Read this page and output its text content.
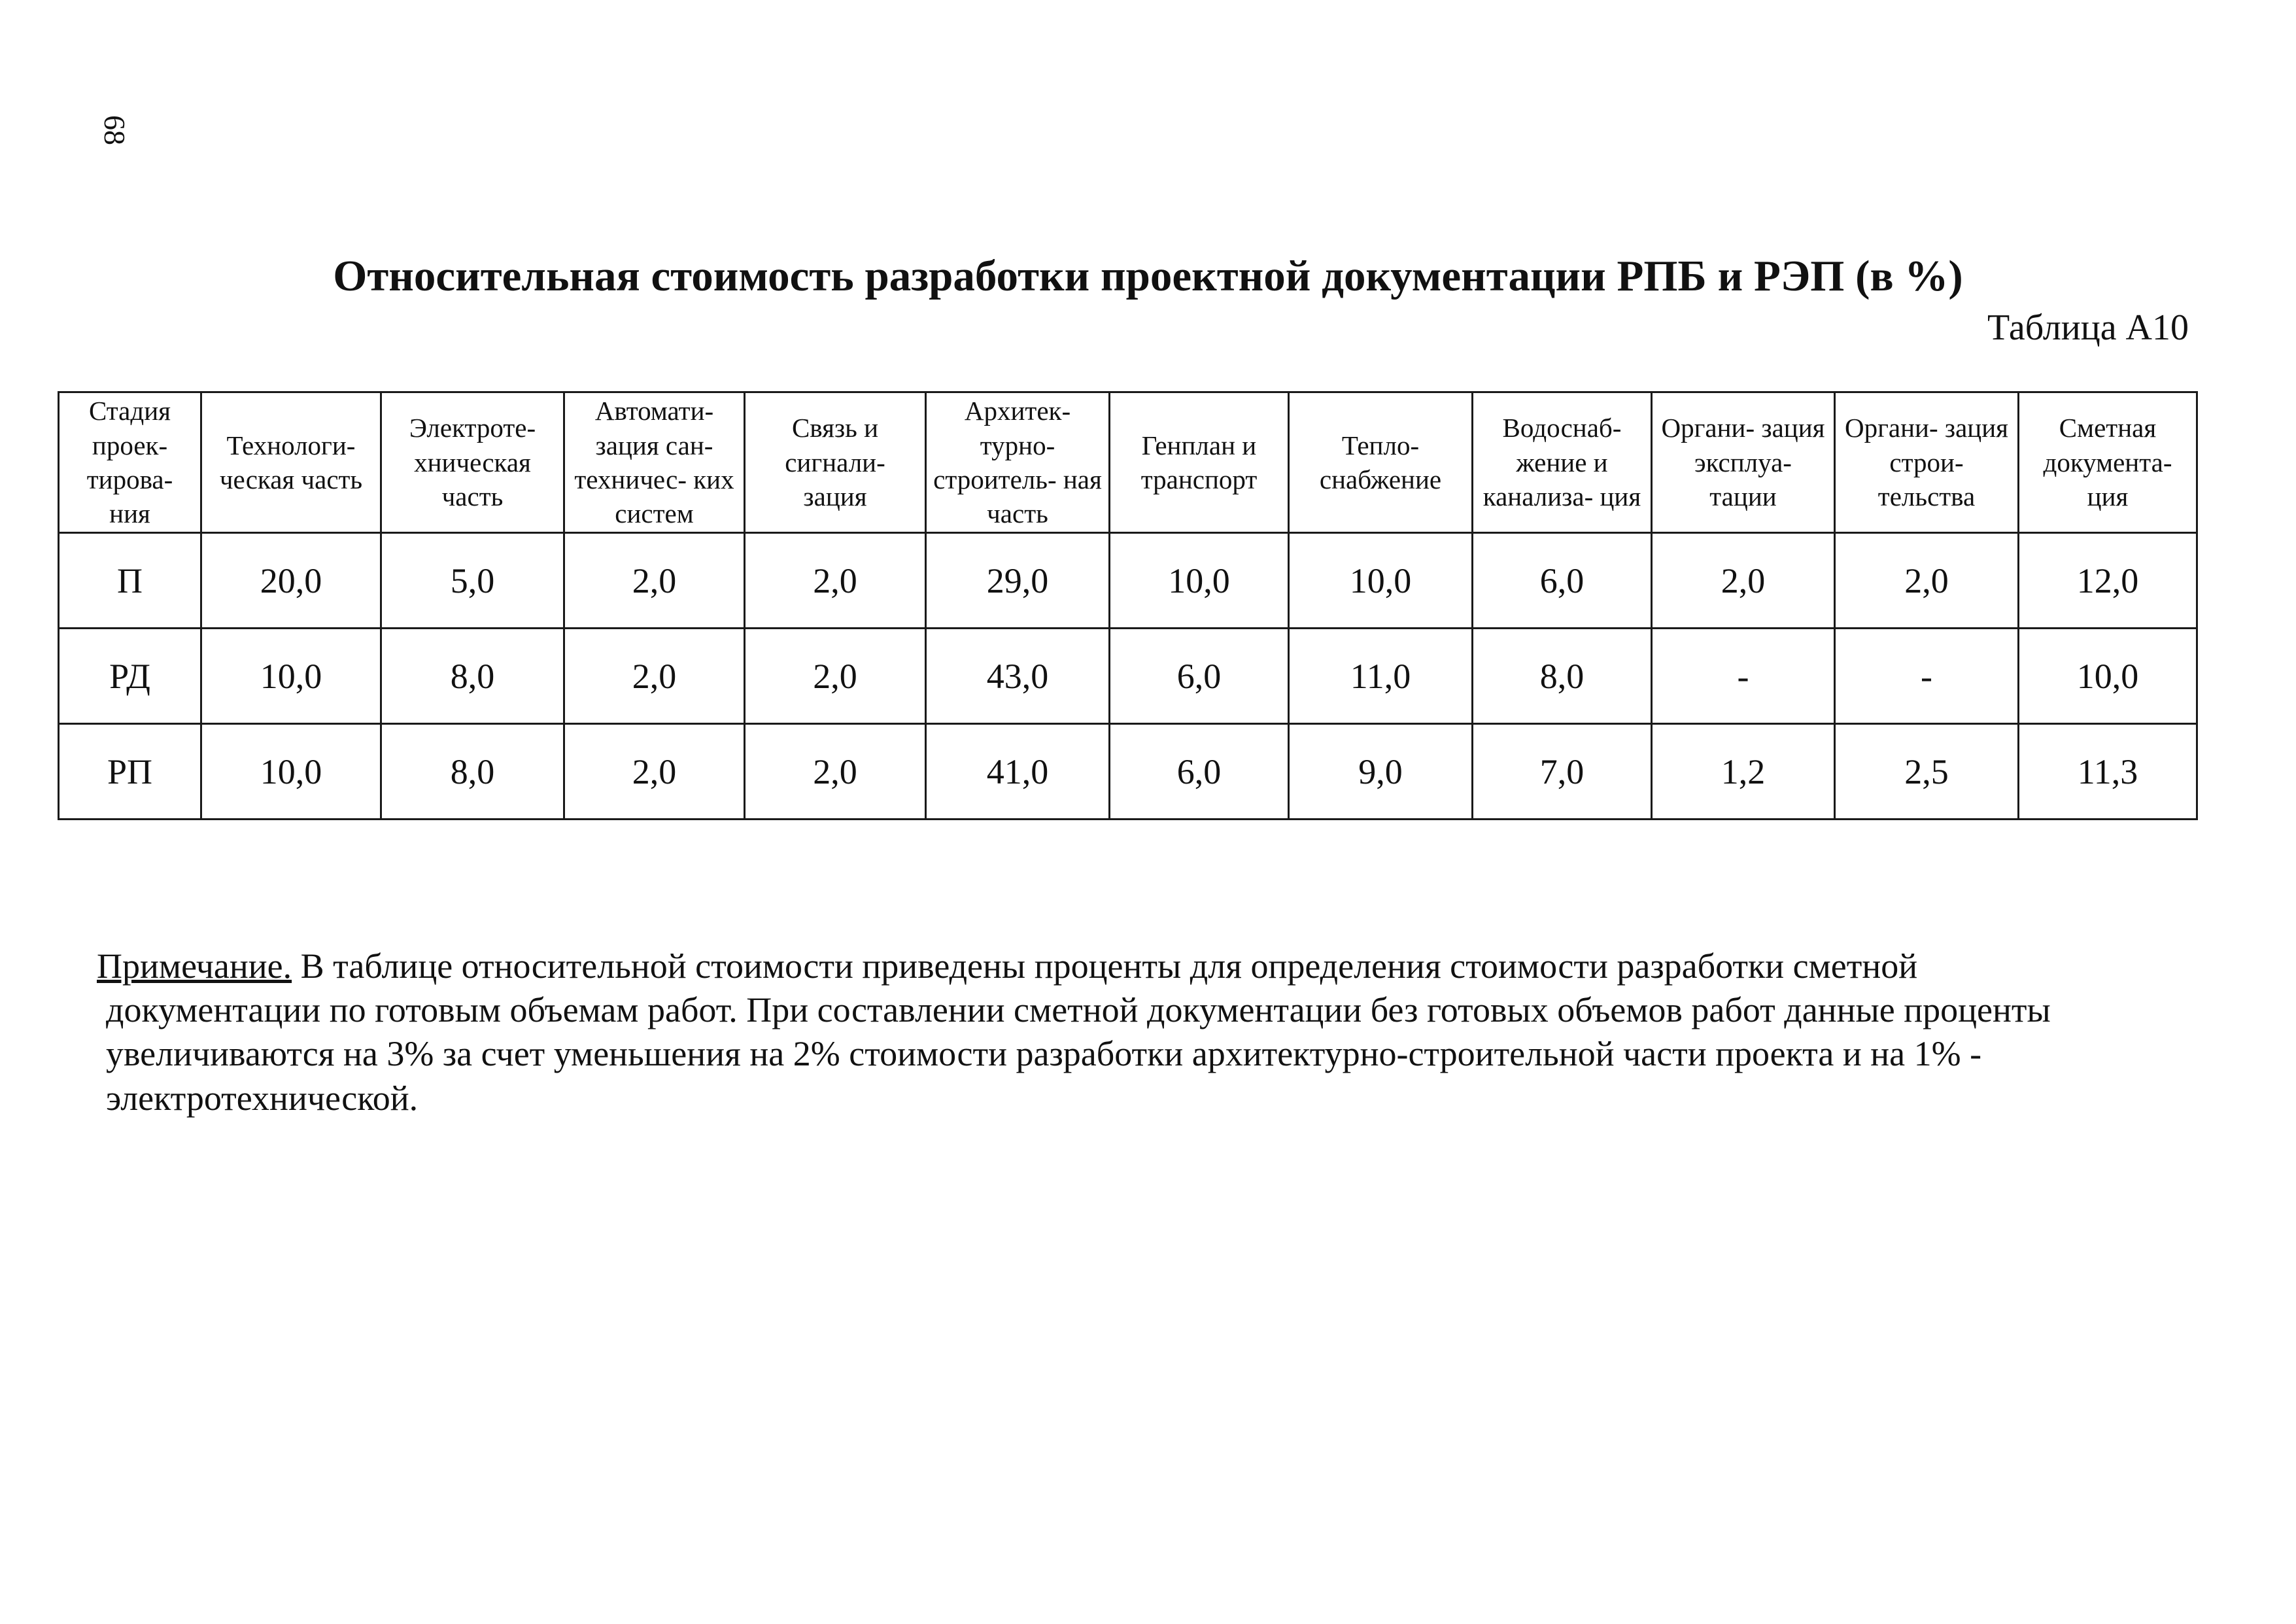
68
Относительная стоимость разработки проектной документации РПБ и РЭП (в %)
Таблица А10
Стадия проек- тирова- ния	Технологи- ческая часть	Электроте- хническая часть	Автомати- зация сан- техничес- ких систем	Связь и сигнали- зация	Архитек- турно- строитель- ная часть	Генплан и транспорт	Тепло- снабжение	Водоснаб- жение и канализа- ция	Органи- зация эксплуа- тации	Органи- зация строи- тельства	Сметная документа- ция
П	20,0	5,0	2,0	2,0	29,0	10,0	10,0	6,0	2,0	2,0	12,0
РД	10,0	8,0	2,0	2,0	43,0	6,0	11,0	8,0	-	-	10,0
РП	10,0	8,0	2,0	2,0	41,0	6,0	9,0	7,0	1,2	2,5	11,3
Примечание. В таблице относительной стоимости приведены проценты для определения стоимости разработки сметной
документации по готовым объемам работ. При составлении сметной документации без готовых объемов работ данные проценты
увеличиваются на 3% за счет уменьшения на 2% стоимости разработки архитектурно-строительной части проекта и на 1% -
электротехнической.
